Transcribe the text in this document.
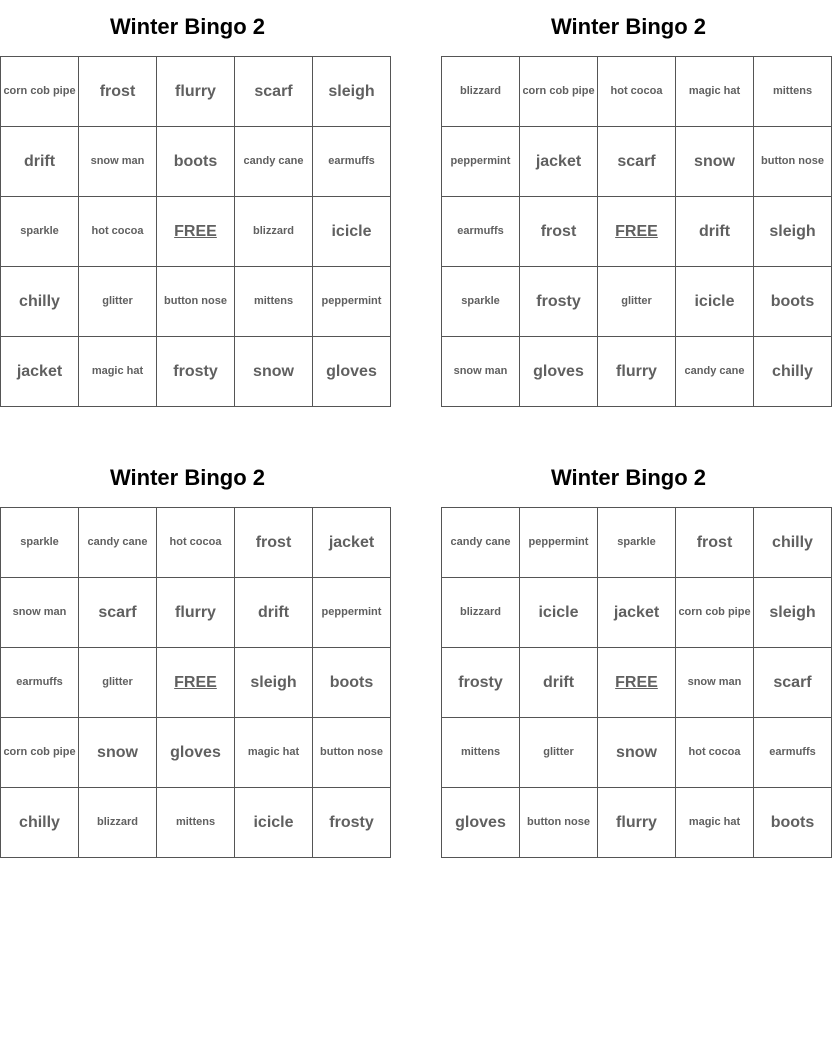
Winter Bingo 2
corn cob pipe	frost	flurry	scarf	sleigh
drift	snow man	boots	candy cane	earmuffs
sparkle	hot cocoa	FREE	blizzard	icicle
chilly	glitter	button nose	mittens	peppermint
jacket	magic hat	frosty	snow	gloves
Winter Bingo 2
blizzard	corn cob pipe	hot cocoa	magic hat	mittens
peppermint	jacket	scarf	snow	button nose
earmuffs	frost	FREE	drift	sleigh
sparkle	frosty	glitter	icicle	boots
snow man	gloves	flurry	candy cane	chilly
Winter Bingo 2
sparkle	candy cane	hot cocoa	frost	jacket
snow man	scarf	flurry	drift	peppermint
earmuffs	glitter	FREE	sleigh	boots
corn cob pipe	snow	gloves	magic hat	button nose
chilly	blizzard	mittens	icicle	frosty
Winter Bingo 2
candy cane	peppermint	sparkle	frost	chilly
blizzard	icicle	jacket	corn cob pipe	sleigh
frosty	drift	FREE	snow man	scarf
mittens	glitter	snow	hot cocoa	earmuffs
gloves	button nose	flurry	magic hat	boots
